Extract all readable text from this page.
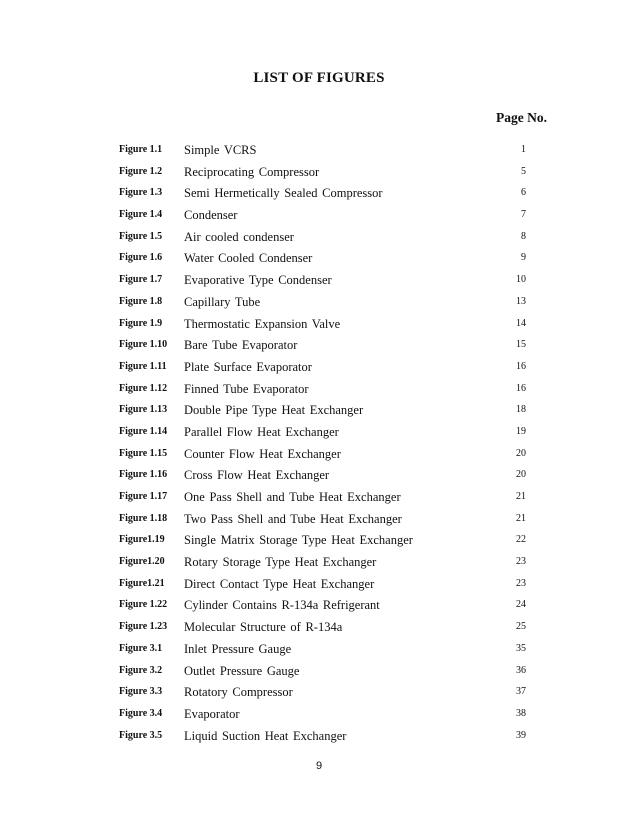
LIST OF FIGURES
Page No.
Figure 1.1 Simple VCRS	1
Figure 1.2 Reciprocating Compressor	5
Figure 1.3 Semi Hermetically Sealed Compressor	6
Figure 1.4 Condenser	7
Figure 1.5 Air cooled condenser	8
Figure 1.6 Water Cooled Condenser	9
Figure 1.7 Evaporative Type Condenser	10
Figure 1.8 Capillary Tube	13
Figure 1.9 Thermostatic Expansion Valve	14
Figure 1.10 Bare Tube Evaporator	15
Figure 1.11 Plate Surface Evaporator	16
Figure 1.12 Finned Tube Evaporator	16
Figure 1.13 Double Pipe Type Heat Exchanger	18
Figure 1.14 Parallel Flow Heat Exchanger	19
Figure 1.15 Counter Flow Heat Exchanger	20
Figure 1.16 Cross Flow Heat Exchanger	20
Figure 1.17 One Pass Shell and Tube Heat Exchanger	21
Figure 1.18 Two Pass Shell and Tube Heat Exchanger	21
Figure1.19 Single Matrix Storage Type Heat Exchanger	22
Figure1.20 Rotary Storage Type Heat Exchanger	23
Figure1.21 Direct Contact Type Heat Exchanger	23
Figure 1.22 Cylinder Contains R-134a Refrigerant	24
Figure 1.23 Molecular Structure of R-134a	25
Figure 3.1 Inlet Pressure Gauge	35
Figure 3.2 Outlet Pressure Gauge	36
Figure 3.3 Rotatory Compressor	37
Figure 3.4 Evaporator	38
Figure 3.5 Liquid Suction Heat Exchanger	39
9
